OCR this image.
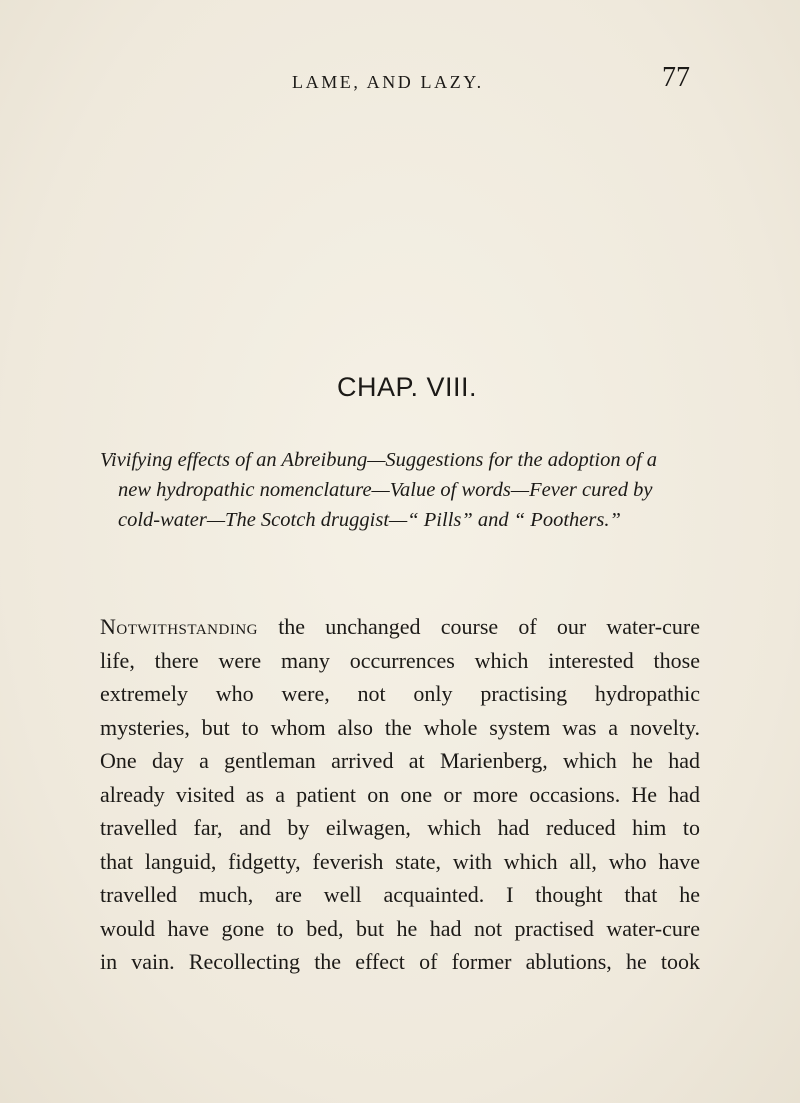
LAME, AND LAZY.	77
CHAP. VIII.
Vivifying effects of an Abreibung—Suggestions for the adoption of a
new hydropathic nomenclature—Value of words—Fever cured by
cold-water—The Scotch druggist—“ Pills” and “ Poothers.”
Notwithstanding the unchanged course of our water-cure
life, there were many occurrences which interested those
extremely who were, not only practising hydropathic
mysteries, but to whom also the whole system was a novelty.
One day a gentleman arrived at Marienberg, which he had
already visited as a patient on one or more occasions. He had
travelled far, and by eilwagen, which had reduced him to
that languid, fidgetty, feverish state, with which all, who have
travelled much, are well acquainted. I thought that he
would have gone to bed, but he had not practised water-cure
in vain. Recollecting the effect of former ablutions, he took
